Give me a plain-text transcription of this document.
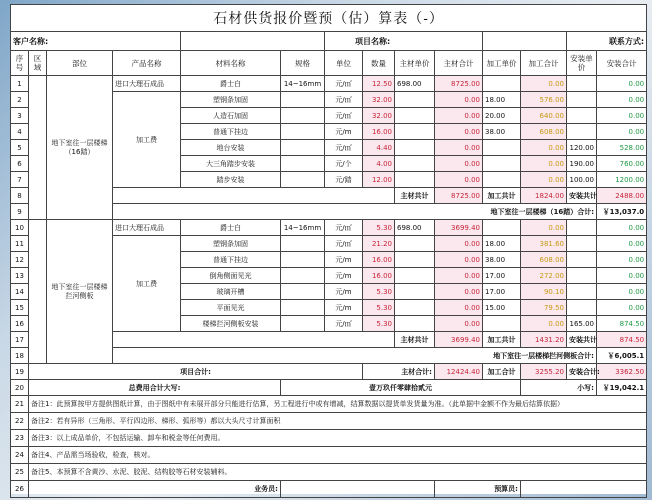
石材供货报价暨预（估）算表（-）													
客户名称:						项目名称:						联系方式:	
序号	区域	部位	产品名称	材料名称	规格	单位	数量	主材单价	主材合计	加工单价	加工合计	安装单价	安装合计
1		地下室往一层楼梯（16踏）	进口大理石成品	爵士白	14~16mm	元/㎡	12.50	698.00	8725.00		0.00		0.00
2			加工费	塑钢条加固		元/㎡	32.00		0.00	18.00	576.00		0.00
3				人造石加固		元/㎡	32.00		0.00	20.00	640.00		0.00
4				普通下挂边		元/m	16.00		0.00	38.00	608.00		0.00
5				地台安装		元/㎡	4.40		0.00		0.00	120.00	528.00
6				大三角踏步安装		元/个	4.00		0.00		0.00	190.00	760.00
7				踏步安装		元/踏	12.00		0.00		0.00	100.00	1200.00
8								主材共计	8725.00	加工共计	1824.00	安装共计	2488.00
9			地下室往一层楼梯（16踏）合计:										￥13,037.0
10		地下室往一层楼梯拦河侧板	进口大理石成品	爵士白	14~16mm	元/㎡	5.30	698.00	3699.40		0.00		0.00
11			加工费	塑钢条加固		元/㎡	21.20		0.00	18.00	381.60		0.00
12				普通下挂边		元/m	16.00		0.00	38.00	608.00		0.00
13				倒角侧面见光		元/m	16.00		0.00	17.00	272.00		0.00
14				玻璃开槽		元/m	5.30		0.00	17.00	90.10		0.00
15				平面见光		元/m	5.30		0.00	15.00	79.50		0.00
16				楼梯拦河侧板安装		元/㎡	5.30		0.00		0.00	165.00	874.50
17								主材共计	3699.40	加工共计	1431.20	安装共计	874.50
18			地下室往一层楼梯拦河侧板合计:										￥6,005.1
19	项目合计:						主材合计:		12424.40	加工合计	3255.20	安装合计:	3362.50
20	总费用合计大写:				壹万玖仟零肆拾贰元						小写:		￥19,042.1
21	备注1：此预算按甲方提供图纸计算，由于图纸中有未展开部分只能进行估算，另工程进行中或有增减，结算数据以提货单发货量为准。（此单据中金额不作为最后结算依据）												
22	备注2：若有异形（三角形、平行四边形、梯形、弧形等）都以大头尺寸计算面积												
23	备注3：以上成品单价，不包括运输、卸车和税金等任何费用。												
24	备注4、产品需当场验收，检查，核对。												
25	备注5、本预算不含黄沙、水泥、胶泥、结构胶等石材安装辅料。												
26	业务员:								预算员:				
